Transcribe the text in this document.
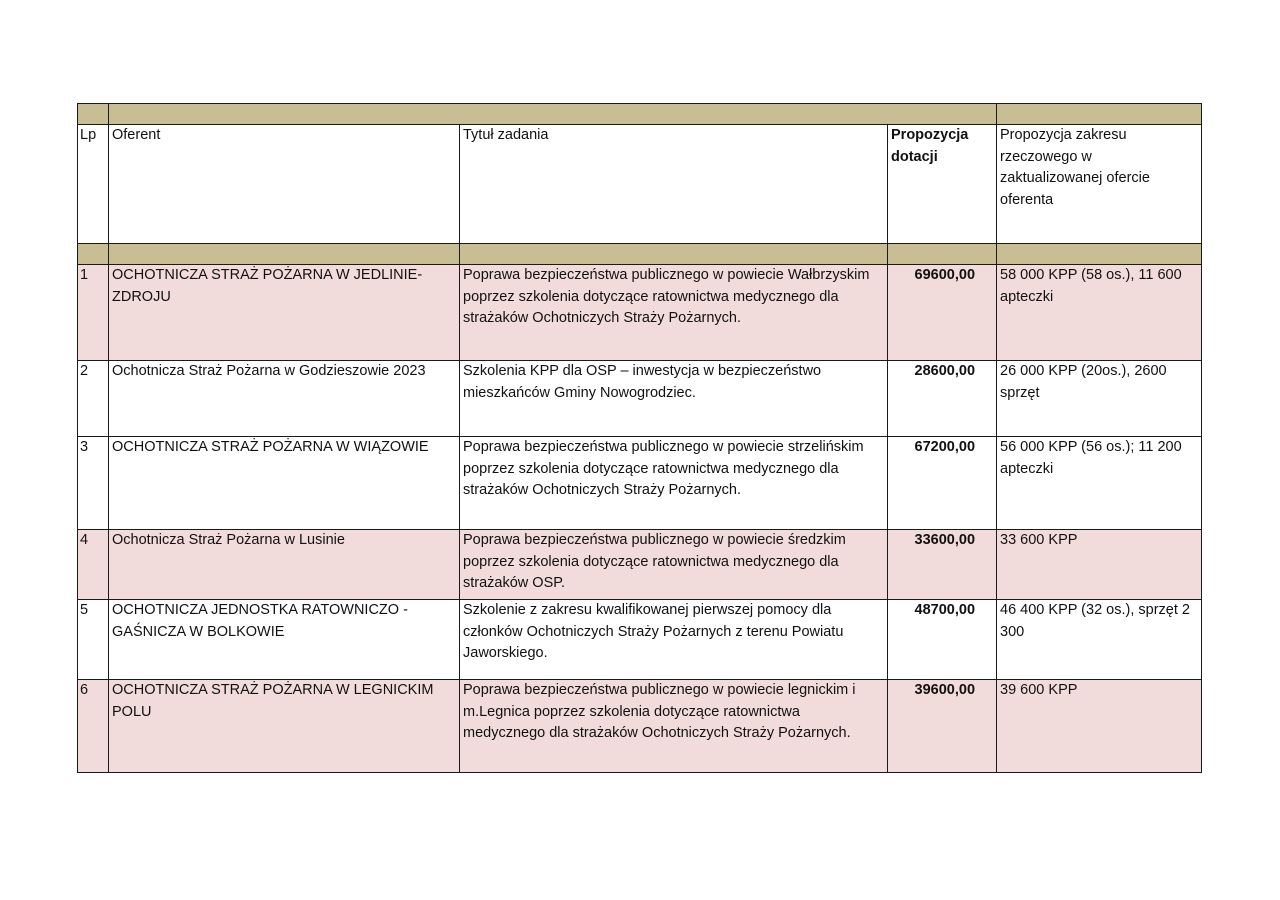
Lp	Oferent	Tytuł zadania	Propozycja dotacji	Propozycja zakresu rzeczowego w zaktualizowanej ofercie oferenta

1	OCHOTNICZA STRAŻ POŻARNA W JEDLINIE-ZDROJU	Poprawa bezpieczeństwa publicznego w powiecie Wałbrzyskim poprzez szkolenia dotyczące ratownictwa medycznego dla strażaków Ochotniczych Straży Pożarnych.	69600,00	58 000 KPP (58 os.), 11 600 apteczki
2	Ochotnicza Straż Pożarna w Godzieszowie 2023	Szkolenia KPP dla OSP – inwestycja w bezpieczeństwo mieszkańców Gminy Nowogrodziec.	28600,00	26 000 KPP (20os.), 2600 sprzęt
3	OCHOTNICZA STRAŻ POŻARNA W WIĄZOWIE	Poprawa bezpieczeństwa publicznego w powiecie strzelińskim poprzez szkolenia dotyczące ratownictwa medycznego dla strażaków Ochotniczych Straży Pożarnych.	67200,00	56 000 KPP (56 os.); 11 200 apteczki
4	Ochotnicza Straż Pożarna w Lusinie	Poprawa bezpieczeństwa publicznego w powiecie średzkim poprzez szkolenia dotyczące ratownictwa medycznego dla strażaków OSP.	33600,00	33 600 KPP
5	OCHOTNICZA JEDNOSTKA RATOWNICZO - GAŚNICZA W BOLKOWIE	Szkolenie z zakresu kwalifikowanej pierwszej pomocy dla członków Ochotniczych Straży Pożarnych z terenu Powiatu Jaworskiego.	48700,00	46 400 KPP (32 os.), sprzęt 2 300
6	OCHOTNICZA STRAŻ POŻARNA W LEGNICKIM POLU	Poprawa bezpieczeństwa publicznego w powiecie legnickim i m.Legnica poprzez szkolenia dotyczące ratownictwa medycznego dla strażaków Ochotniczych Straży Pożarnych.	39600,00	39 600 KPP
